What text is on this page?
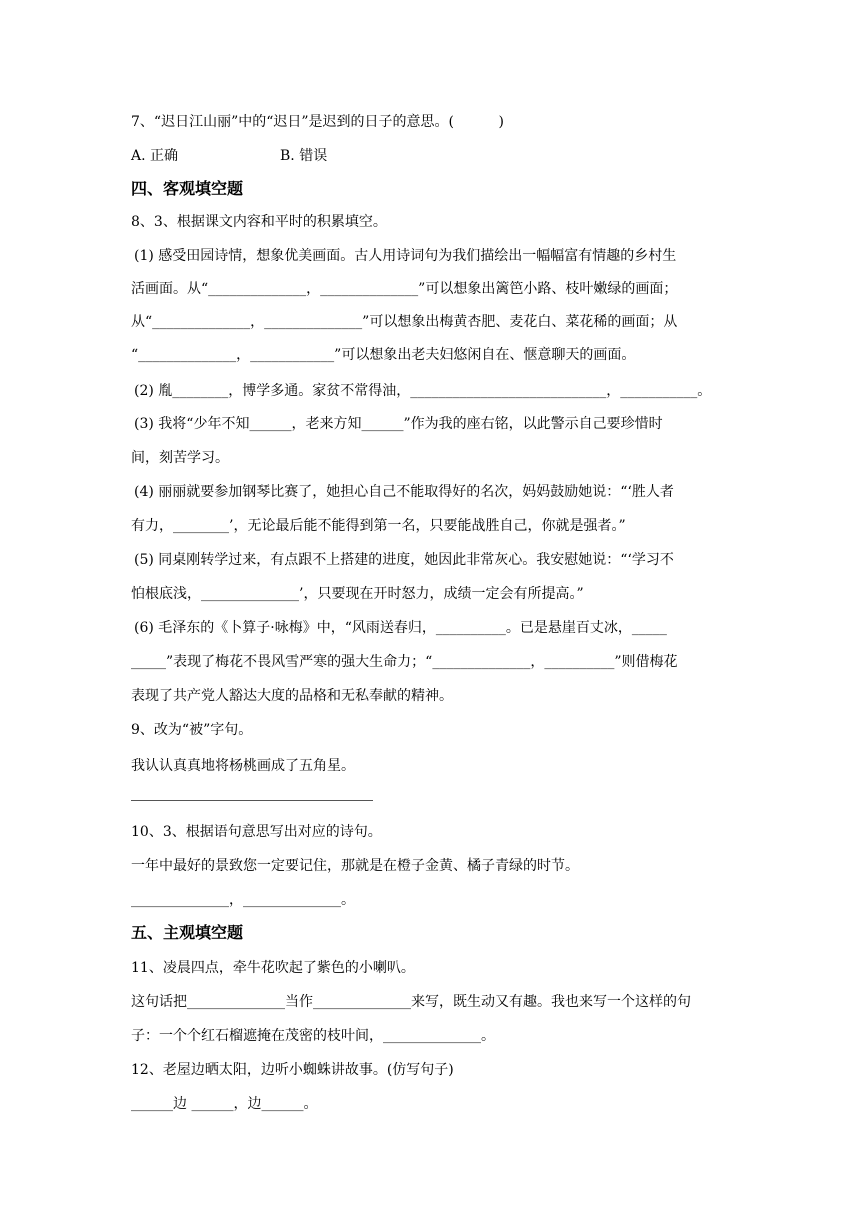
7、“迟日江山丽”中的“迟日”是迟到的日子的意思。(          )
A. 正确	B. 错误
四、客观填空题
8、3、根据课文内容和平时的积累填空。
(1) 感受田园诗情，想象优美画面。古人用诗词句为我们描绘出一幅幅富有情趣的乡村生
活画面。从“______________，______________”可以想象出篱笆小路、枝叶嫩绿的画面；
从“______________，______________”可以想象出梅黄杏肥、麦花白、菜花稀的画面；从
“______________，____________”可以想象出老夫妇悠闲自在、惬意聊天的画面。
(2) 胤________，博学多通。家贫不常得油，____________________________，___________。
(3) 我将“少年不知______，老来方知______”作为我的座右铭，以此警示自己要珍惜时
间，刻苦学习。
(4) 丽丽就要参加钢琴比赛了，她担心自己不能取得好的名次，妈妈鼓励她说：“‘胜人者
有力，________’，无论最后能不能得到第一名，只要能战胜自己，你就是强者。”
(5) 同桌刚转学过来，有点跟不上搭建的进度，她因此非常灰心。我安慰她说：“‘学习不
怕根底浅，______________’，只要现在开时怒力，成绩一定会有所提高。”
(6) 毛泽东的《卜算子·咏梅》中，“风雨送春归，__________。已是悬崖百丈冰，_____
_____”表现了梅花不畏风雪严寒的强大生命力；“______________，__________”则借梅花
表现了共产党人豁达大度的品格和无私奉献的精神。
9、改为“被”字句。
我认认真真地将杨桃画成了五角星。
10、3、根据语句意思写出对应的诗句。
一年中最好的景致您一定要记住，那就是在橙子金黄、橘子青绿的时节。
______________，______________。
五、主观填空题
11、凌晨四点，牵牛花吹起了紫色的小喇叭。
这句话把______________当作______________来写，既生动又有趣。我也来写一个这样的句
子：一个个红石榴遮掩在茂密的枝叶间，______________。
12、老屋边晒太阳，边听小蜘蛛讲故事。(仿写句子)
______边 ______，边______。
